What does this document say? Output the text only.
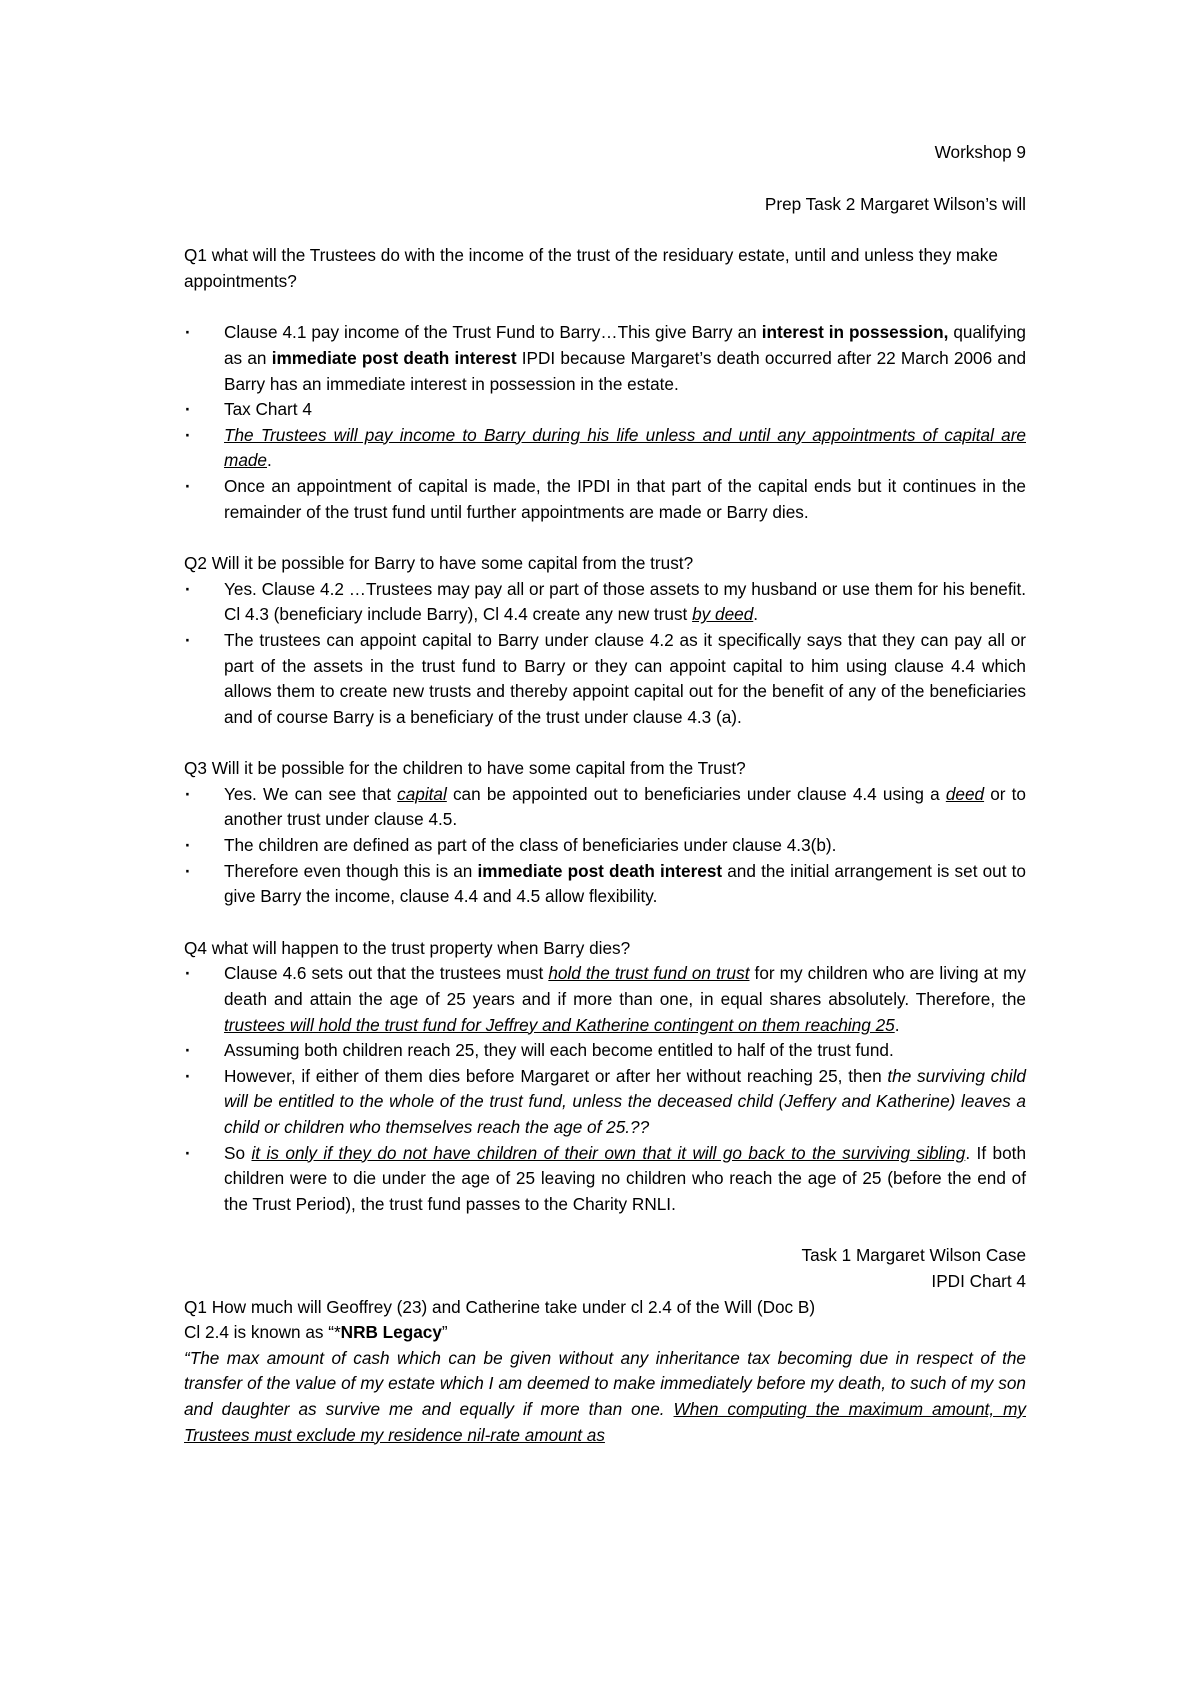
Workshop 9

Prep Task 2 Margaret Wilson’s will

Q1 what will the Trustees do with the income of the trust of the residuary estate, until and unless they make appointments?

· Clause 4.1 pay income of the Trust Fund to Barry…This give Barry an interest in possession, qualifying as an immediate post death interest IPDI because Margaret’s death occurred after 22 March 2006 and Barry has an immediate interest in possession in the estate.
· Tax Chart 4
· The Trustees will pay income to Barry during his life unless and until any appointments of capital are made.
· Once an appointment of capital is made, the IPDI in that part of the capital ends but it continues in the remainder of the trust fund until further appointments are made or Barry dies.

Q2 Will it be possible for Barry to have some capital from the trust?

· Yes. Clause 4.2 …Trustees may pay all or part of those assets to my husband or use them for his benefit. Cl 4.3 (beneficiary include Barry), Cl 4.4 create any new trust by deed.
· The trustees can appoint capital to Barry under clause 4.2 as it specifically says that they can pay all or part of the assets in the trust fund to Barry or they can appoint capital to him using clause 4.4 which allows them to create new trusts and thereby appoint capital out for the benefit of any of the beneficiaries and of course Barry is a beneficiary of the trust under clause 4.3 (a).

Q3 Will it be possible for the children to have some capital from the Trust?

· Yes. We can see that capital can be appointed out to beneficiaries under clause 4.4 using a deed or to another trust under clause 4.5.
· The children are defined as part of the class of beneficiaries under clause 4.3(b).
· Therefore even though this is an immediate post death interest and the initial arrangement is set out to give Barry the income, clause 4.4 and 4.5 allow flexibility.

Q4 what will happen to the trust property when Barry dies?

· Clause 4.6 sets out that the trustees must hold the trust fund on trust for my children who are living at my death and attain the age of 25 years and if more than one, in equal shares absolutely. Therefore, the trustees will hold the trust fund for Jeffrey and Katherine contingent on them reaching 25.
· Assuming both children reach 25, they will each become entitled to half of the trust fund.
· However, if either of them dies before Margaret or after her without reaching 25, then the surviving child will be entitled to the whole of the trust fund, unless the deceased child (Jeffery and Katherine) leaves a child or children who themselves reach the age of 25.??
· So it is only if they do not have children of their own that it will go back to the surviving sibling. If both children were to die under the age of 25 leaving no children who reach the age of 25 (before the end of the Trust Period), the trust fund passes to the Charity RNLI.

Task 1 Margaret Wilson Case

IPDI Chart 4

Q1 How much will Geoffrey (23) and Catherine take under cl 2.4 of the Will (Doc B)

Cl 2.4 is known as “*NRB Legacy”

“The max amount of cash which can be given without any inheritance tax becoming due in respect of the transfer of the value of my estate which I am deemed to make immediately before my death, to such of my son and daughter as survive me and equally if more than one. When computing the maximum amount, my Trustees must exclude my residence nil-rate amount as
